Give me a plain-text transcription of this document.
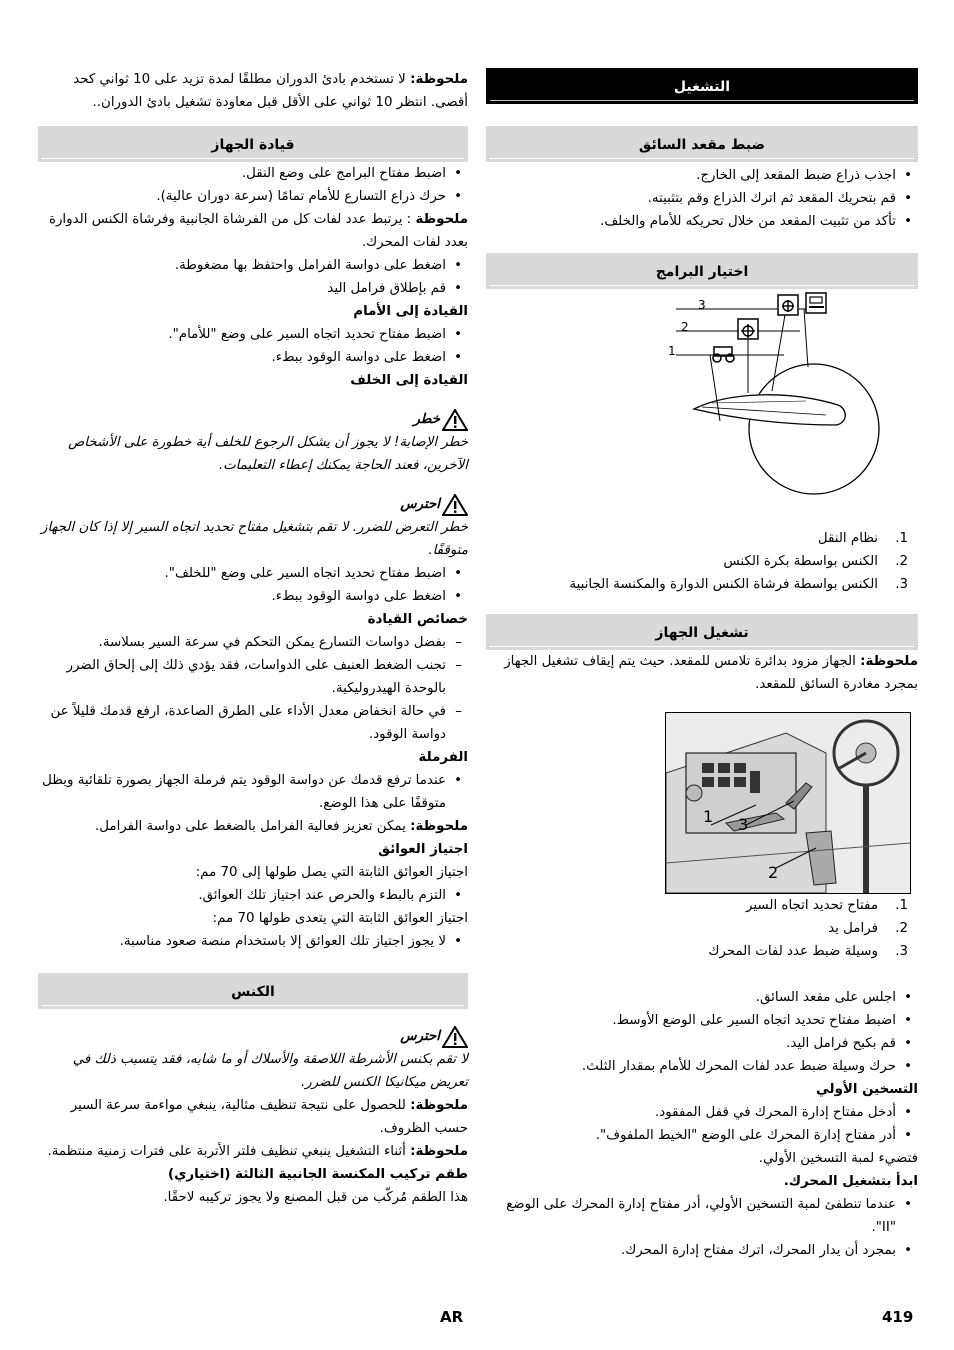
التشغيل
ضبط مقعد السائق
• اجذب ذراع ضبط المقعد إلى الخارج.
• قم بتحريك المقعد ثم اترك الذراع وقم بتثبيته.
• تأكد من تثبيت المقعد من خلال تحريكه للأمام والخلف.
اختيار البرامج
1
2
3
1.
نظام النقل
2.
الكنس بواسطة بكرة الكنس
3.
الكنس بواسطة فرشاة الكنس الدوارة والمكنسة الجانبية
تشغيل الجهاز

ملحوظة: الجهاز مزود بدائرة تلامس للمقعد. حيث يتم إيقاف تشغيل الجهاز بمجرد مغادرة السائق للمقعد.

1 3
2
1.
مفتاح تحديد اتجاه السير
2.
فرامل يد
3.
وسيلة ضبط عدد لفات المحرك
• اجلس على مقعد السائق.
• اضبط مفتاح تحديد اتجاه السير على الوضع الأوسط.
• قم بكبح فرامل اليد.
• حرك وسيلة ضبط عدد لفات المحرك للأمام بمقدار الثلث.

التسخين الأولي

• أدخل مفتاح إدارة المحرك في قفل المفقود.
• أدر مفتاح إدارة المحرك على الوضع "الخيط الملفوف".

فتضيء لمبة التسخين الأولي.

ابدأ بتشغيل المحرك.

• عندما تنطفئ لمبة التسخين الأولي، أدر مفتاح إدارة المحرك على الوضع "II".
• بمجرد أن يدار المحرك، اترك مفتاح إدارة المحرك.

ملحوظة: لا تستخدم بادئ الدوران مطلقًا لمدة تزيد على 10 ثواني كحد أقصى. انتظر 10 ثواني على الأقل قبل معاودة تشغيل بادئ الدوران..

قيادة الجهاز
• اضبط مفتاح البرامج على وضع النقل.
• حرك ذراع التسارع للأمام تمامًا (سرعة دوران عالية).

ملحوظة : يرتبط عدد لفات كل من الفرشاة الجانبية وفرشاة الكنس الدوارة بعدد لفات المحرك.

• اضغط على دواسة الفرامل واحتفظ بها مضغوطة.
• قم بإطلاق فرامل اليد

القيادة إلى الأمام

• اضبط مفتاح تحديد اتجاه السير على وضع "للأمام".
• اضغط على دواسة الوقود ببطء.

القيادة إلى الخلف

خطر

خطر الإصابة! لا يجوز أن يشكل الرجوع للخلف أية خطورة على الأشخاص الآخرين، فعند الحاجة يمكنك إعطاء التعليمات.

احترس

خطر التعرض للضرر. لا تقم بتشغيل مفتاح تحديد اتجاه السير إلا إذا كان الجهاز متوقفًا.

• اضبط مفتاح تحديد اتجاه السير على وضع "للخلف".
• اضغط على دواسة الوقود ببطء.

خصائص القيادة

– بفضل دواسات التسارع يمكن التحكم في سرعة السير بسلاسة.
– تجنب الضغط العنيف على الدواسات، فقد يؤدي ذلك إلى إلحاق الضرر بالوحدة الهيدروليكية.
– في حالة انخفاض معدل الأداء على الطرق الصاعدة، ارفع قدمك قليلاً عن دواسة الوقود.

الفرملة

• عندما ترفع قدمك عن دواسة الوقود يتم فرملة الجهاز بصورة تلقائية ويظل متوقفًا على هذا الوضع.

ملحوظة: يمكن تعزيز فعالية الفرامل بالضغط على دواسة الفرامل.

اجتياز العوائق

اجتياز العوائق الثابتة التي يصل طولها إلى 70 مم:

• التزم بالبطء والحرص عند اجتياز تلك العوائق.

اجتياز العوائق الثابتة التي يتعدى طولها 70 مم:

• لا يجوز اجتياز تلك العوائق إلا باستخدام منصة صعود مناسبة.
الكنس
احترس

لا تقم بكنس الأشرطة اللاصقة والأسلاك أو ما شابه، فقد يتسبب ذلك في تعريض ميكانيكا الكنس للضرر.

ملحوظة: للحصول على نتيجة تنظيف مثالية، ينبغي مواءمة سرعة السير حسب الظروف.

ملحوظة: أثناء التشغيل ينبغي تنظيف فلتر الأتربة على فترات زمنية منتظمة.

طقم تركيب المكنسة الجانبية الثالثة (اختياري)

هذا الطقم مُركّب من قبل المصنع ولا يجوز تركيبه لاحقًا.

419
AR
